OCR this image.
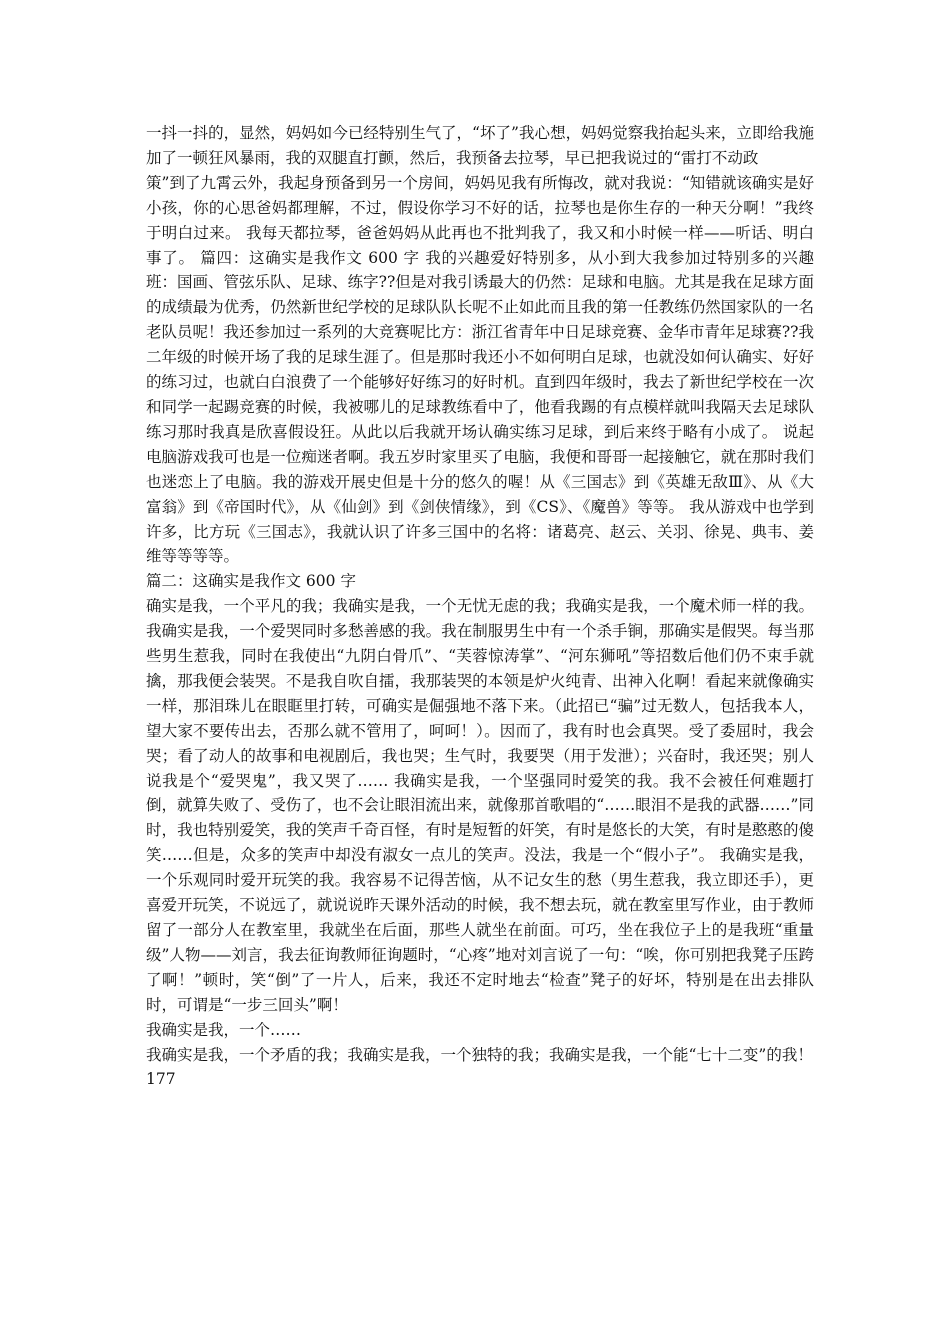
一抖一抖的，显然，妈妈如今已经特别生气了，“坏了”我心想，妈妈觉察我抬起头来，立即给我施加了一顿狂风暴雨，我的双腿直打颤，然后，我预备去拉琴，早已把我说过的“雷打不动政

策”到了九霄云外，我起身预备到另一个房间，妈妈见我有所悔改，就对我说：“知错就该确实是好小孩，你的心思爸妈都理解，不过，假设你学习不好的话，拉琴也是你生存的一种天分啊！”我终于明白过来。 我每天都拉琴，爸爸妈妈从此再也不批判我了，我又和小时候一样——听话、明白事了。 篇四：这确实是我作文 600 字 我的兴趣爱好特别多，从小到大我参加过特别多的兴趣班：国画、管弦乐队、足球、练字??但是对我引诱最大的仍然：足球和电脑。尤其是我在足球方面的成绩最为优秀，仍然新世纪学校的足球队队长呢不止如此而且我的第一任教练仍然国家队的一名老队员呢！我还参加过一系列的大竞赛呢比方：浙江省青年中日足球竞赛、金华市青年足球赛??我二年级的时候开场了我的足球生涯了。但是那时我还小不如何明白足球，也就没如何认确实、好好的练习过，也就白白浪费了一个能够好好练习的好时机。直到四年级时，我去了新世纪学校在一次和同学一起踢竞赛的时候，我被哪儿的足球教练看中了，他看我踢的有点模样就叫我隔天去足球队练习那时我真是欣喜假设狂。从此以后我就开场认确实练习足球，到后来终于略有小成了。 说起电脑游戏我可也是一位痴迷者啊。我五岁时家里买了电脑，我便和哥哥一起接触它，就在那时我们也迷恋上了电脑。我的游戏开展史但是十分的悠久的喔！从《三国志》到《英雄无敌Ⅲ》、从《大富翁》到《帝国时代》，从《仙剑》到《剑侠情缘》，到《CS》、《魔兽》等等。 我从游戏中也学到许多，比方玩《三国志》，我就认识了许多三国中的名将：诸葛亮、赵云、关羽、徐晃、典韦、姜维等等等等。

篇二：这确实是我作文 600 字

确实是我，一个平凡的我；我确实是我，一个无忧无虑的我；我确实是我，一个魔术师一样的我。 我确实是我，一个爱哭同时多愁善感的我。我在制服男生中有一个杀手锏，那确实是假哭。每当那些男生惹我，同时在我使出“九阴白骨爪”、“芙蓉惊涛掌”、“河东狮吼”等招数后他们仍不束手就擒，那我便会装哭。不是我自吹自擂，我那装哭的本领是炉火纯青、出神入化啊！看起来就像确实一样，那泪珠儿在眼眶里打转，可确实是倔强地不落下来。（此招已“骗”过无数人，包括我本人，望大家不要传出去，否那么就不管用了，呵呵！）。因而了，我有时也会真哭。受了委屈时，我会哭；看了动人的故事和电视剧后，我也哭；生气时，我要哭（用于发泄）；兴奋时，我还哭；别人说我是个“爱哭鬼”，我又哭了…… 我确实是我，一个坚强同时爱笑的我。我不会被任何难题打倒，就算失败了、受伤了，也不会让眼泪流出来，就像那首歌唱的“……眼泪不是我的武器……”同时，我也特别爱笑，我的笑声千奇百怪，有时是短暂的奸笑，有时是悠长的大笑，有时是憨憨的傻笑……但是，众多的笑声中却没有淑女一点儿的笑声。没法，我是一个“假小子”。 我确实是我，一个乐观同时爱开玩笑的我。我容易不记得苦恼，从不记女生的愁（男生惹我，我立即还手），更喜爱开玩笑，不说远了，就说说昨天课外活动的时候，我不想去玩，就在教室里写作业，由于教师留了一部分人在教室里，我就坐在后面，那些人就坐在前面。可巧，坐在我位子上的是我班“重量级”人物——刘言，我去征询教师征询题时，“心疼”地对刘言说了一句：“唉，你可别把我凳子压跨了啊！”顿时，笑“倒”了一片人，后来，我还不定时地去“检查”凳子的好坏，特别是在出去排队时，可谓是“一步三回头”啊！

我确实是我，一个……

我确实是我，一个矛盾的我；我确实是我，一个独特的我；我确实是我，一个能“七十二变”的我！

177
